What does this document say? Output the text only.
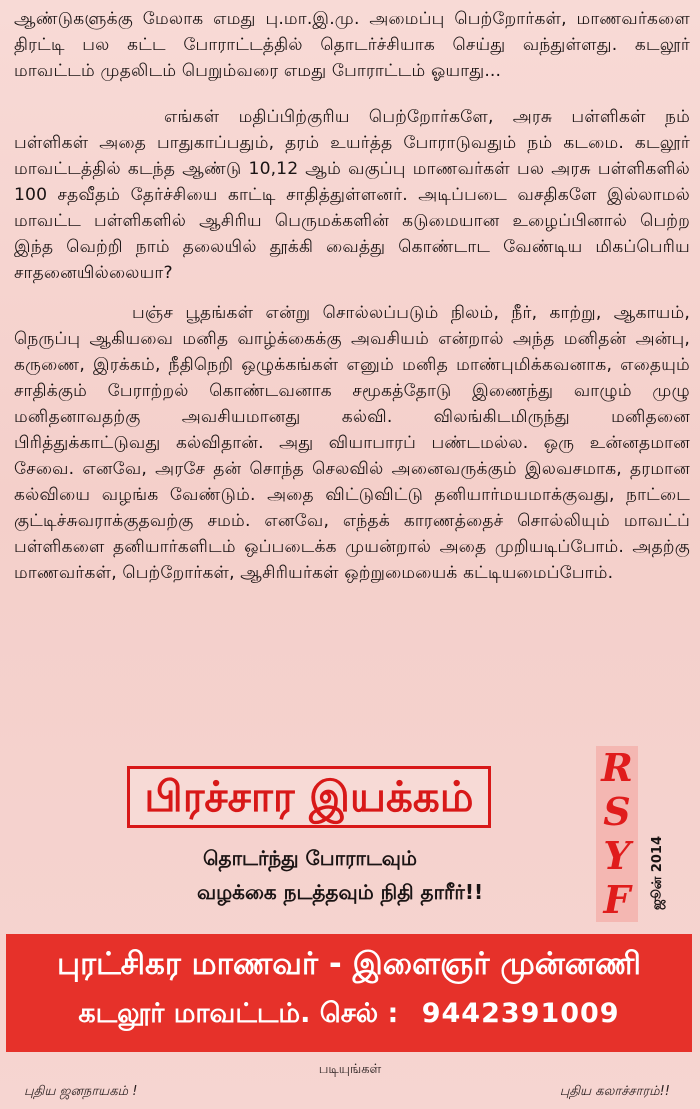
ஆண்டுகளுக்கு மேலாக எமது பு.மா.இ.மு. அமைப்பு பெற்றோர்கள், மாணவர்களை திரட்டி பல கட்ட போராட்டத்தில் தொடர்ச்சியாக செய்து வந்துள்ளது. கடலூர் மாவட்டம் முதலிடம் பெறும்வரை எமது போராட்டம் ஓயாது...

எங்கள் மதிப்பிற்குரிய பெற்றோர்களே, அரசு பள்ளிகள் நம் பள்ளிகள் அதை பாதுகாப்பதும், தரம் உயர்த்த போராடுவதும் நம் கடமை. கடலூர் மாவட்டத்தில் கடந்த ஆண்டு 10,12 ஆம் வகுப்பு மாணவர்கள் பல அரசு பள்ளிகளில் 100 சதவீதம் தேர்ச்சியை காட்டி சாதித்துள்ளனர். அடிப்படை வசதிகளே இல்லாமல் மாவட்ட பள்ளிகளில் ஆசிரிய பெருமக்களின் கடுமையான உழைப்பினால் பெற்ற இந்த வெற்றி நாம் தலையில் தூக்கி வைத்து கொண்டாட வேண்டிய மிகப்பெரிய சாதனையில்லையா?

பஞ்ச பூதங்கள் என்று சொல்லப்படும் நிலம், நீர், காற்று, ஆகாயம், நெருப்பு ஆகியவை மனித வாழ்க்கைக்கு அவசியம் என்றால் அந்த மனிதன் அன்பு, கருணை, இரக்கம், நீதிநெறி ஒழுக்கங்கள் எனும் மனித மாண்புமிக்கவனாக, எதையும் சாதிக்கும் பேராற்றல் கொண்டவனாக சமூகத்தோடு இணைந்து வாழும் முழு மனிதனாவதற்கு அவசியமானது கல்வி. விலங்கிடமிருந்து மனிதனை பிரித்துக்காட்டுவது கல்விதான். அது வியாபாரப் பண்டமல்ல. ஒரு உன்னதமான சேவை. எனவே, அரசே தன் சொந்த செலவில் அனைவருக்கும் இலவசமாக, தரமான கல்வியை வழங்க வேண்டும். அதை விட்டுவிட்டு தனியார்மயமாக்குவது, நாட்டை குட்டிச்சுவராக்குதவற்கு சமம். எனவே, எந்தக் காரணத்தைச் சொல்லியும் மாவட்ப் பள்ளிகளை தனியார்களிடம் ஒப்படைக்க முயன்றால் அதை முறியடிப்போம். அதற்கு மாணவர்கள், பெற்றோர்கள், ஆசிரியர்கள் ஒற்றுமையைக் கட்டியமைப்போம்.

பிரச்சார இயக்கம்
தொடர்ந்து போராடவும்
வழக்கை நடத்தவும் நிதி தாரீர்!!
R
S
Y
F ஜூன் 2014
புரட்சிகர மாணவர் - இளைஞர் முன்னணி
கடலூர் மாவட்டம். செல் : 9442391009
படியுங்கள்
புதிய ஜனநாயகம் !	புதிய கலாச்சாரம்!!
